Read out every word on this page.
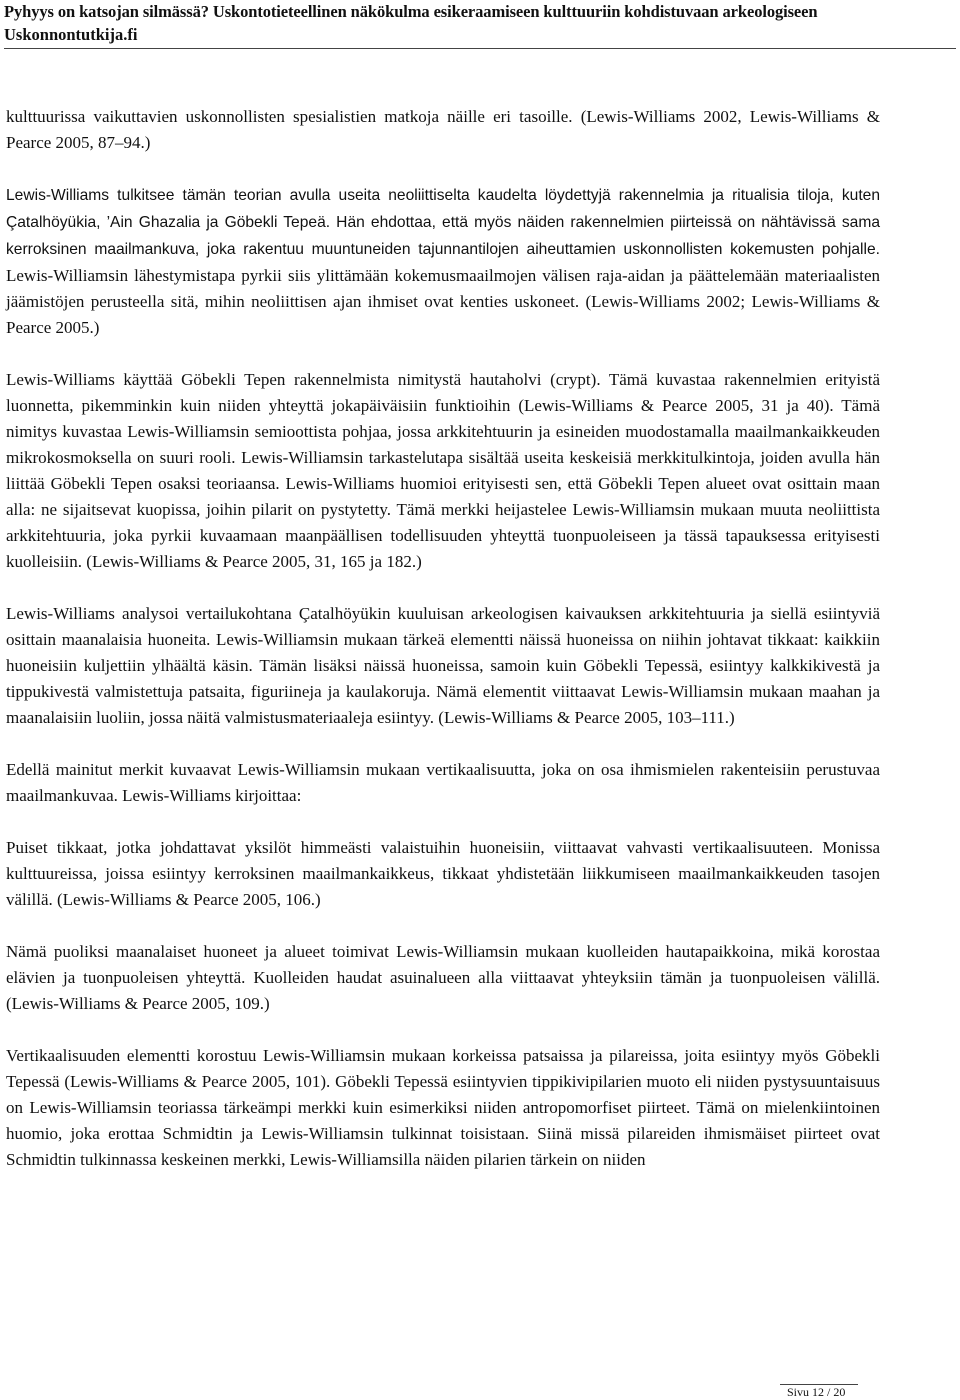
Pyhyys on katsojan silmässä? Uskontotieteellinen näkökulma esikeraamiseen kulttuuriin kohdistuvaan arkeologiseen
Uskonnontutkija.fi

kulttuurissa vaikuttavien uskonnollisten spesialistien matkoja näille eri tasoille. (Lewis-Williams 2002, Lewis-Williams & Pearce 2005, 87–94.)

Lewis-Williams tulkitsee tämän teorian avulla useita neoliittiselta kaudelta löydettyjä rakennelmia ja ritualisia tiloja, kuten Çatalhöyükia, ’Ain Ghazalia ja Göbekli Tepeä. Hän ehdottaa, että myös näiden rakennelmien piirteissä on nähtävissä sama kerroksinen maailmankuva, joka rakentuu muuntuneiden tajunnantilojen aiheuttamien uskonnollisten kokemusten pohjalle. Lewis-Williamsin lähestymistapa pyrkii siis ylittämään kokemusmaailmojen välisen raja-aidan ja päättelemään materiaalisten jäämistöjen perusteella sitä, mihin neoliittisen ajan ihmiset ovat kenties uskoneet. (Lewis-Williams 2002; Lewis-Williams & Pearce 2005.)

Lewis-Williams käyttää Göbekli Tepen rakennelmista nimitystä hautaholvi (crypt). Tämä kuvastaa rakennelmien erityistä luonnetta, pikemminkin kuin niiden yhteyttä jokapäiväisiin funktioihin (Lewis-Williams & Pearce 2005, 31 ja 40). Tämä nimitys kuvastaa Lewis-Williamsin semioottista pohjaa, jossa arkkitehtuurin ja esineiden muodostamalla maailmankaikkeuden mikrokosmoksella on suuri rooli. Lewis-Williamsin tarkastelutapa sisältää useita keskeisiä merkkitulkintoja, joiden avulla hän liittää Göbekli Tepen osaksi teoriaansa. Lewis-Williams huomioi erityisesti sen, että Göbekli Tepen alueet ovat osittain maan alla: ne sijaitsevat kuopissa, joihin pilarit on pystytetty. Tämä merkki heijastelee Lewis-Williamsin mukaan muuta neoliittista arkkitehtuuria, joka pyrkii kuvaamaan maanpäällisen todellisuuden yhteyttä tuonpuoleiseen ja tässä tapauksessa erityisesti kuolleisiin. (Lewis-Williams & Pearce 2005, 31, 165 ja 182.)

Lewis-Williams analysoi vertailukohtana Çatalhöyükin kuuluisan arkeologisen kaivauksen arkkitehtuuria ja siellä esiintyviä osittain maanalaisia huoneita. Lewis-Williamsin mukaan tärkeä elementti näissä huoneissa on niihin johtavat tikkaat: kaikkiin huoneisiin kuljettiin ylhäältä käsin. Tämän lisäksi näissä huoneissa, samoin kuin Göbekli Tepessä, esiintyy kalkkikivestä ja tippukivestä valmistettuja patsaita, figuriineja ja kaulakoruja. Nämä elementit viittaavat Lewis-Williamsin mukaan maahan ja maanalaisiin luoliin, jossa näitä valmistusmateriaaleja esiintyy. (Lewis-Williams & Pearce 2005, 103–111.)

Edellä mainitut merkit kuvaavat Lewis-Williamsin mukaan vertikaalisuutta, joka on osa ihmismielen rakenteisiin perustuvaa maailmankuvaa. Lewis-Williams kirjoittaa:

Puiset tikkaat, jotka johdattavat yksilöt himmeästi valaistuihin huoneisiin, viittaavat vahvasti vertikaalisuuteen. Monissa kulttuureissa, joissa esiintyy kerroksinen maailmankaikkeus, tikkaat yhdistetään liikkumiseen maailmankaikkeuden tasojen välillä. (Lewis-Williams & Pearce 2005, 106.)

Nämä puoliksi maanalaiset huoneet ja alueet toimivat Lewis-Williamsin mukaan kuolleiden hautapaikkoina, mikä korostaa elävien ja tuonpuoleisen yhteyttä. Kuolleiden haudat asuinalueen alla viittaavat yhteyksiin tämän ja tuonpuoleisen välillä. (Lewis-Williams & Pearce 2005, 109.)

Vertikaalisuuden elementti korostuu Lewis-Williamsin mukaan korkeissa patsaissa ja pilareissa, joita esiintyy myös Göbekli Tepessä (Lewis-Williams & Pearce 2005, 101). Göbekli Tepessä esiintyvien tippikivipilarien muoto eli niiden pystysuuntaisuus on Lewis-Williamsin teoriassa tärkeämpi merkki kuin esimerkiksi niiden antropomorfiset piirteet. Tämä on mielenkiintoinen huomio, joka erottaa Schmidtin ja Lewis-Williamsin tulkinnat toisistaan. Siinä missä pilareiden ihmismäiset piirteet ovat Schmidtin tulkinnassa keskeinen merkki, Lewis-Williamsilla näiden pilarien tärkein on niiden

Sivu 12 / 20
